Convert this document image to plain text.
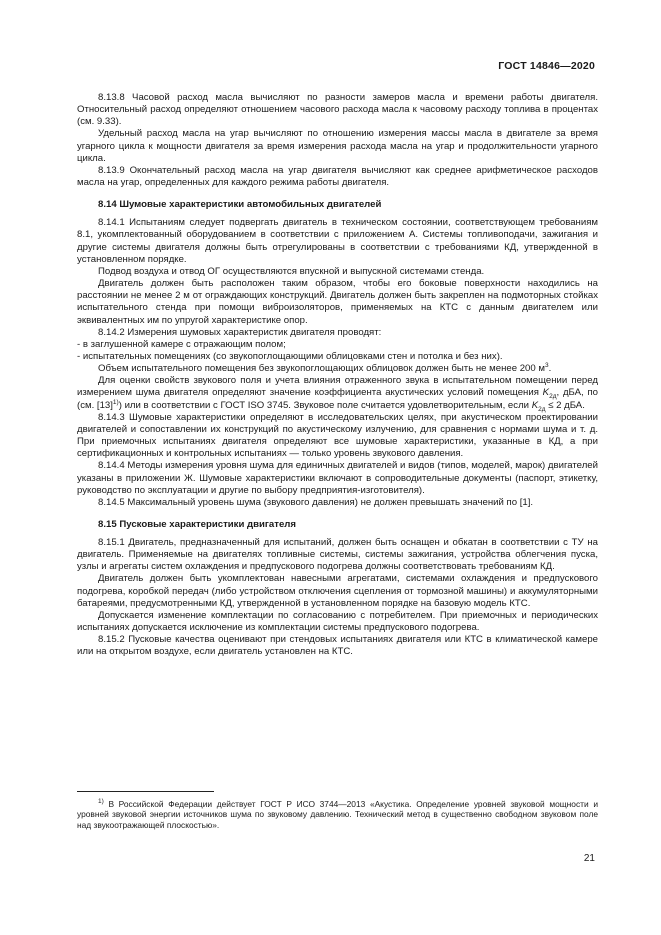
ГОСТ 14846—2020

8.13.8 Часовой расход масла вычисляют по разности замеров масла и времени работы двигателя. Относительный расход определяют отношением часового расхода масла к часовому расходу топлива в процентах (см. 9.33).

Удельный расход масла на угар вычисляют по отношению измерения массы масла в двигателе за время угарного цикла к мощности двигателя за время измерения расхода масла на угар и продолжительности угарного цикла.

8.13.9 Окончательный расход масла на угар двигателя вычисляют как среднее арифметическое расходов масла на угар, определенных для каждого режима работы двигателя.

8.14 Шумовые характеристики автомобильных двигателей

8.14.1 Испытаниям следует подвергать двигатель в техническом состоянии, соответствующем требованиям 8.1, укомплектованный оборудованием в соответствии с приложением А. Системы топливоподачи, зажигания и другие системы двигателя должны быть отрегулированы в соответствии с требованиями КД, утвержденной в установленном порядке.

Подвод воздуха и отвод ОГ осуществляются впускной и выпускной системами стенда.

Двигатель должен быть расположен таким образом, чтобы его боковые поверхности находились на расстоянии не менее 2 м от ограждающих конструкций. Двигатель должен быть закреплен на подмоторных стойках испытательного стенда при помощи виброизоляторов, применяемых на КТС с данным двигателем или эквивалентных им по упругой характеристике опор.

8.14.2 Измерения шумовых характеристик двигателя проводят:

- в заглушенной камере с отражающим полом;

- испытательных помещениях (со звукопоглощающими облицовками стен и потолка и без них).

Объем испытательного помещения без звукопоглощающих облицовок должен быть не менее 200 $м^3$.

Для оценки свойств звукового поля и учета влияния отраженного звука в испытательном помещении перед измерением шума двигателя определяют значение коэффициента акустических условий помещения $K_{2д}$, дБА, по (см. $[13]^{1)}$) или в соответствии с ГОСТ ISO 3745. Звуковое поле считается удовлетворительным, если $K_{2д} \le 2$ дБА.

8.14.3 Шумовые характеристики определяют в исследовательских целях, при акустическом проектировании двигателей и сопоставлении их конструкций по акустическому излучению, для сравнения с нормами шума и т. д. При приемочных испытаниях двигателя определяют все шумовые характеристики, указанные в КД, а при сертификационных и контрольных испытаниях — только уровень звукового давления.

8.14.4 Методы измерения уровня шума для единичных двигателей и видов (типов, моделей, марок) двигателей указаны в приложении Ж. Шумовые характеристики включают в сопроводительные документы (паспорт, этикетку, руководство по эксплуатации и другие по выбору предприятия-изготовителя).

8.14.5 Максимальный уровень шума (звукового давления) не должен превышать значений по [1].

8.15 Пусковые характеристики двигателя

8.15.1 Двигатель, предназначенный для испытаний, должен быть оснащен и обкатан в соответствии с ТУ на двигатель. Применяемые на двигателях топливные системы, системы зажигания, устройства облегчения пуска, узлы и агрегаты систем охлаждения и предпускового подогрева должны соответствовать требованиям КД.

Двигатель должен быть укомплектован навесными агрегатами, системами охлаждения и предпускового подогрева, коробкой передач (либо устройством отключения сцепления от тормозной машины) и аккумуляторными батареями, предусмотренными КД, утвержденной в установленном порядке на базовую модель КТС.

Допускается изменение комплектации по согласованию с потребителем. При приемочных и периодических испытаниях допускается исключение из комплектации системы предпускового подогрева.

8.15.2 Пусковые качества оценивают при стендовых испытаниях двигателя или КТС в климатической камере или на открытом воздухе, если двигатель установлен на КТС.

$^{1)}$ В Российской Федерации действует ГОСТ Р ИСО 3744—2013 «Акустика. Определение уровней звуковой мощности и уровней звуковой энергии источников шума по звуковому давлению. Технический метод в существенно свободном звуковом поле над звукоотражающей плоскостью».

21
